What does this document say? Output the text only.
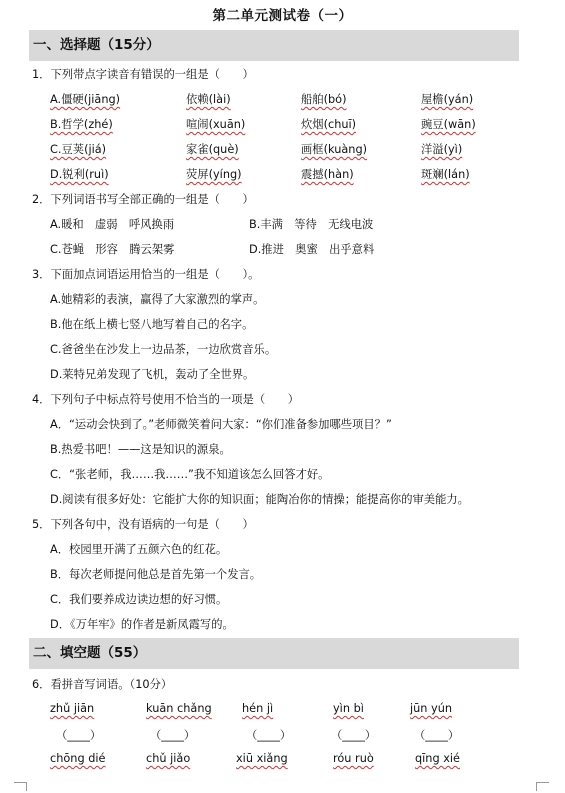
第二单元测试卷（一）
一、选择题（15分）
1．下列带点字读音有错误的一组是（　　）
A.僵硬(jiāng)	依赖(lài)	船舶(bó)	屋檐(yán)
B.哲学(zhé)	喧闹(xuān)	炊烟(chuī)	豌豆(wān)
C.豆荚(jiá)	家雀(què)	画框(kuàng)	洋溢(yì)
D.锐利(ruì)	荧屏(yíng)	震撼(hàn)	斑斓(lán)
2．下列词语书写全部正确的一组是（　　）
A.暖和　虚弱　呼风换雨	B.丰满　等待　无线电波
C.苍蝇　形容　腾云架雾	D.推进　奥蜜　出乎意料
3．下面加点词语运用恰当的一组是（　　）。
A.她精彩的表演，赢得了大家激烈的掌声。
B.他在纸上横七竖八地写着自己的名字。
C.爸爸坐在沙发上一边品茶，一边欣赏音乐。
D.莱特兄弟发现了飞机，轰动了全世界。
4．下列句子中标点符号使用不恰当的一项是（　　）
A．“运动会快到了。”老师微笑着问大家：“你们准备参加哪些项目？”
B.热爱书吧！——这是知识的源泉。
C．“张老师，我……我……”我不知道该怎么回答才好。
D.阅读有很多好处：它能扩大你的知识面；能陶冶你的情操；能提高你的审美能力。
5．下列各句中，没有语病的一句是（　　）
A．校园里开满了五颜六色的红花。
B．每次老师提问他总是首先第一个发言。
C．我们要养成边读边想的好习惯。
D．《万年牢》的作者是新凤霞写的。
二、填空题（55）
6．看拼音写词语。（10分）
zhǔ jiān	kuān chǎng	hén jì	yìn bì	jūn yún
（____）	（____）	（____）	（____）	（____）
chōng dié	chǔ jiǎo	xiū xiǎng	róu ruò	qīng xié
